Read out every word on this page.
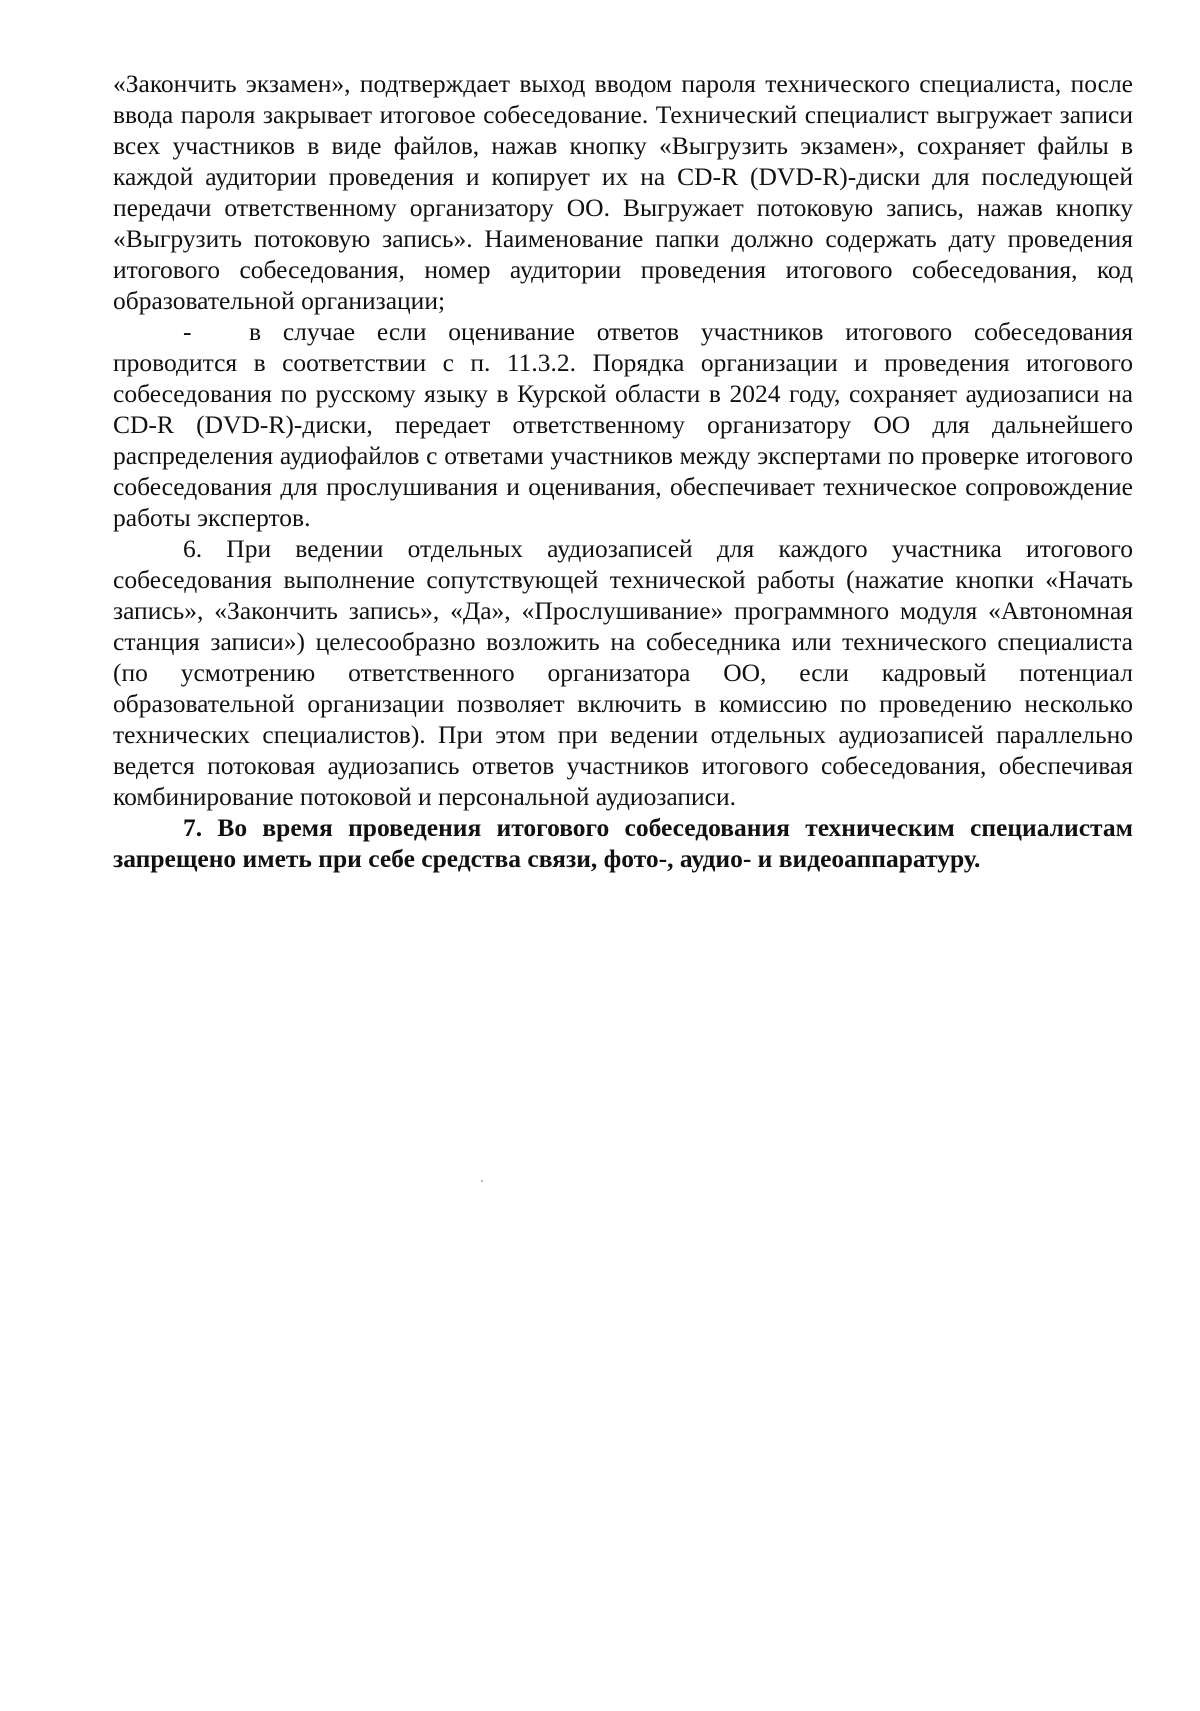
«Закончить экзамен», подтверждает выход вводом пароля технического специалиста, после ввода пароля закрывает итоговое собеседование. Технический специалист выгружает записи всех участников в виде файлов, нажав кнопку «Выгрузить экзамен», сохраняет файлы в каждой аудитории проведения и копирует их на CD-R (DVD-R)-диски для последующей передачи ответственному организатору ОО. Выгружает потоковую запись, нажав кнопку «Выгрузить потоковую запись». Наименование папки должно содержать дату проведения итогового собеседования, номер аудитории проведения итогового собеседования, код образовательной организации;

- в случае если оценивание ответов участников итогового собеседования проводится в соответствии с п. 11.3.2. Порядка организации и проведения итогового собеседования по русскому языку в Курской области в 2024 году, сохраняет аудиозаписи на CD-R (DVD-R)-диски, передает ответственному организатору ОО для дальнейшего распределения аудиофайлов с ответами участников между экспертами по проверке итогового собеседования для прослушивания и оценивания, обеспечивает техническое сопровождение работы экспертов.

6. При ведении отдельных аудиозаписей для каждого участника итогового собеседования выполнение сопутствующей технической работы (нажатие кнопки «Начать запись», «Закончить запись», «Да», «Прослушивание» программного модуля «Автономная станция записи») целесообразно возложить на собеседника или технического специалиста (по усмотрению ответственного организатора ОО, если кадровый потенциал образовательной организации позволяет включить в комиссию по проведению несколько технических специалистов). При этом при ведении отдельных аудиозаписей параллельно ведется потоковая аудиозапись ответов участников итогового собеседования, обеспечивая комбинирование потоковой и персональной аудиозаписи.

7. Во время проведения итогового собеседования техническим специалистам запрещено иметь при себе средства связи, фото-, аудио- и видеоаппаратуру.
